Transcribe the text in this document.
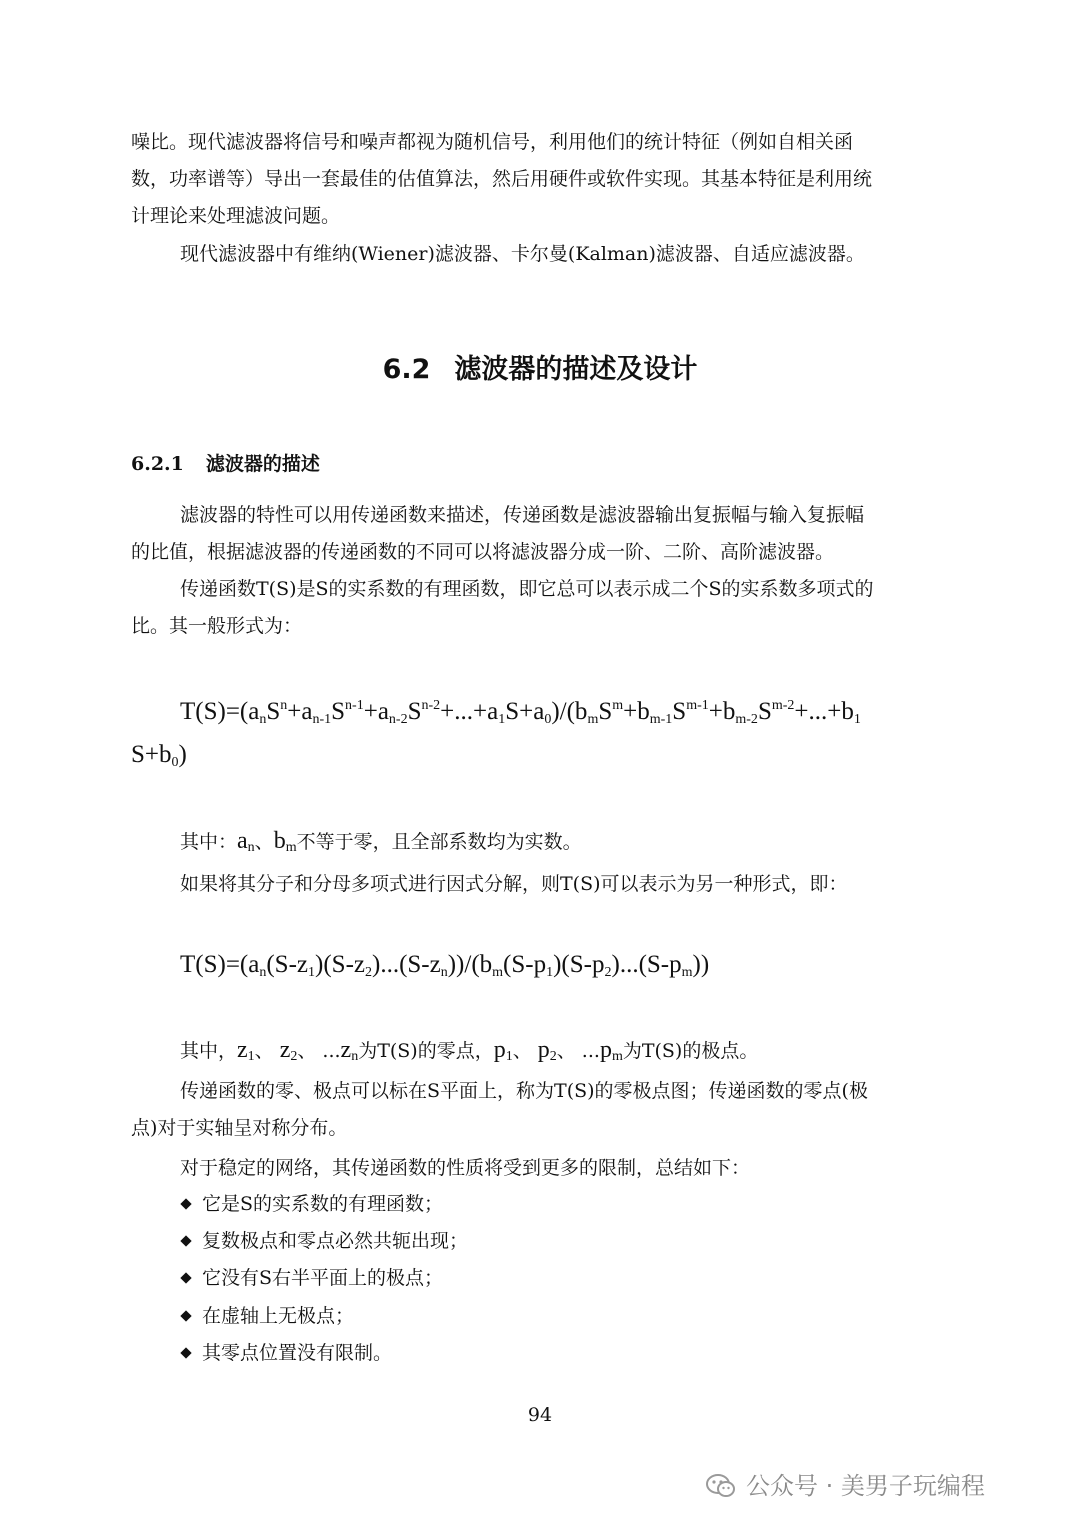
噪比。现代滤波器将信号和噪声都视为随机信号，利用他们的统计特征（例如自相关函
数，功率谱等）导出一套最佳的估值算法，然后用硬件或软件实现。其基本特征是利用统
计理论来处理滤波问题。
现代滤波器中有维纳(Wiener)滤波器、卡尔曼(Kalman)滤波器、自适应滤波器。
6.2 滤波器的描述及设计
6.2.1 滤波器的描述
滤波器的特性可以用传递函数来描述，传递函数是滤波器输出复振幅与输入复振幅
的比值，根据滤波器的传递函数的不同可以将滤波器分成一阶、二阶、高阶滤波器。
传递函数T(S)是S的实系数的有理函数，即它总可以表示成二个S的实系数多项式的
比。其一般形式为：
$T(S)=(a_nS^n+a_{n-1}S^{n-1}+a_{n-2}S^{n-2}+...+a_1S+a_0)/(b_mS^m+b_{m-1}S^{m-1}+b_{m-2}S^{m-2}+...+b_1$
$S+b_0$)
其中：$a_n$、$b_m$不等于零，且全部系数均为实数。
如果将其分子和分母多项式进行因式分解，则T(S)可以表示为另一种形式，即：
$T(S)=(a_n(S-z_1)(S-z_2)...(S-z_n))/(b_m(S-p_1)(S-p_2)...(S-p_m))$
其中，$z_1$、 $z_2$、 $...z_n$为T(S)的零点，$p_1$、 $p_2$、 $...p_m$为T(S)的极点。
传递函数的零、极点可以标在S平面上，称为T(S)的零极点图；传递函数的零点(极
点)对于实轴呈对称分布。
对于稳定的网络，其传递函数的性质将受到更多的限制，总结如下：
它是S的实系数的有理函数；
复数极点和零点必然共轭出现；
它没有S右半平面上的极点；
在虚轴上无极点；
其零点位置没有限制。
94
公众号 · 美男子玩编程
